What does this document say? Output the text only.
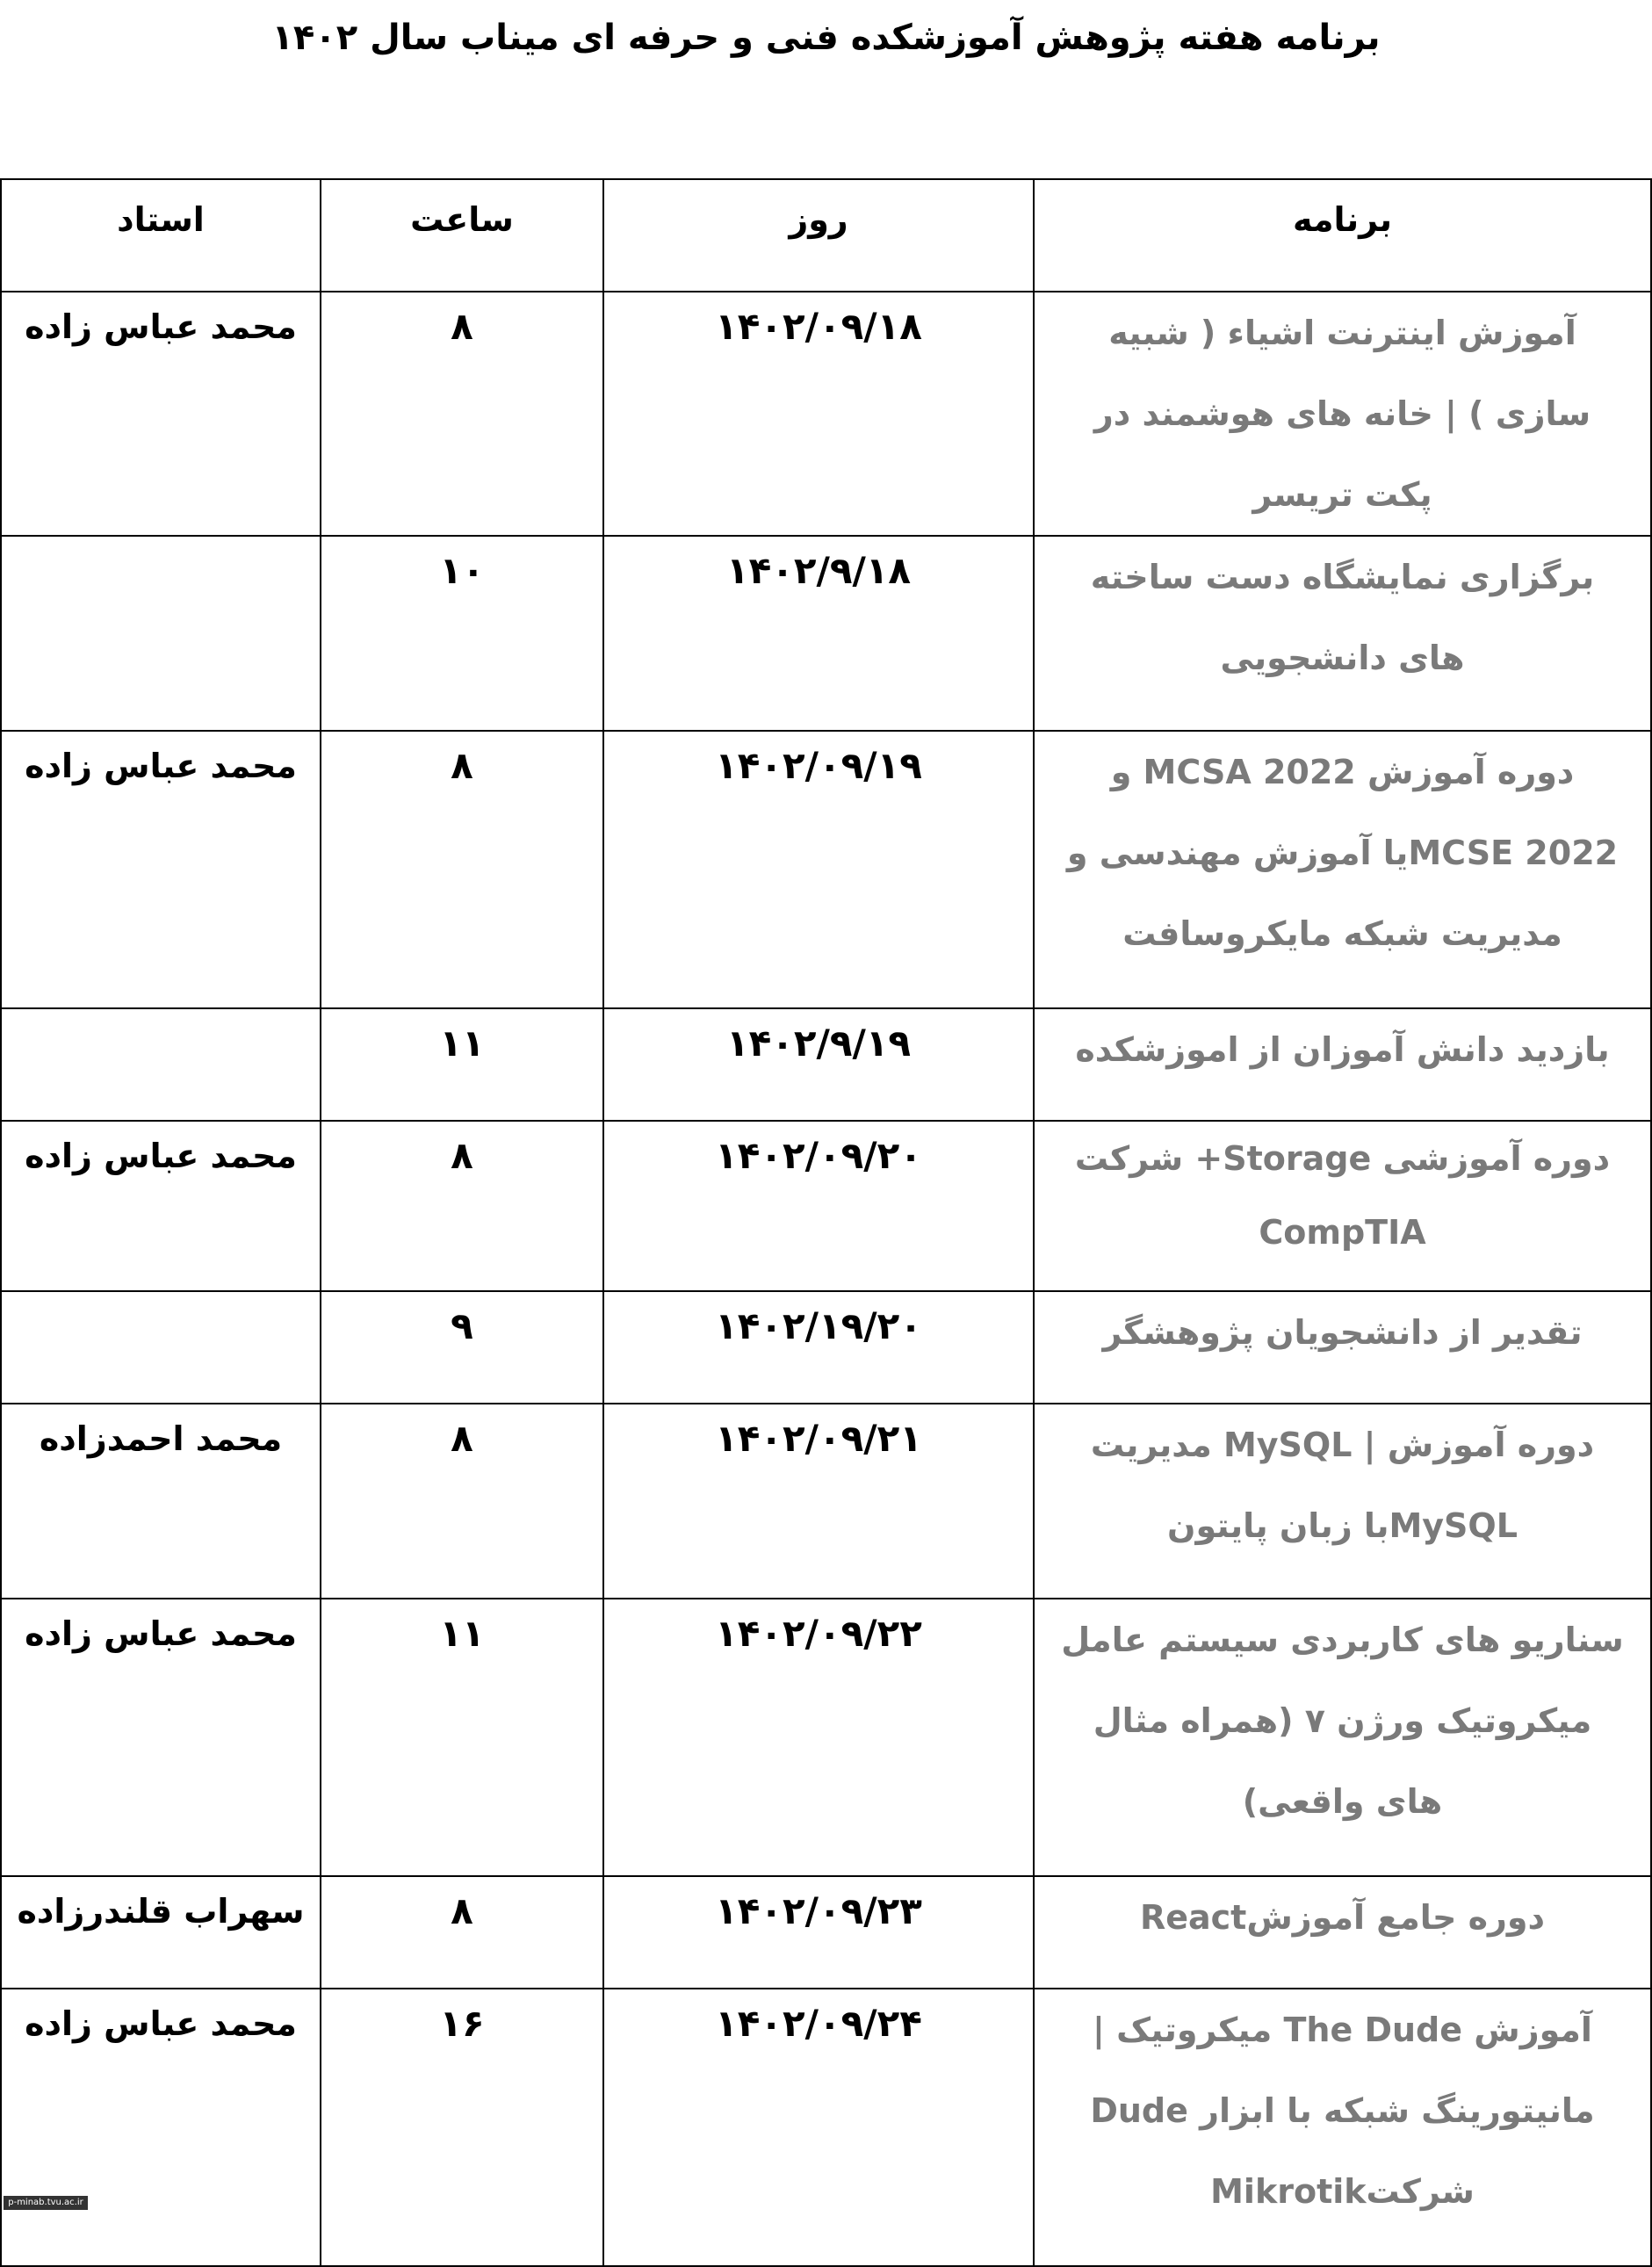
برنامه هفته پژوهش آموزشکده فنی و حرفه ای میناب سال ۱۴۰۲
برنامه	روز	ساعت	استاد
آموزش اینترنت اشیاء ( شبیه سازی ) | خانه های هوشمند در پکت تریسر	۱۴۰۲/۰۹/۱۸	۸	محمد عباس زاده
برگزاری نمایشگاه دست ساخته های دانشجویی	۱۴۰۲/۹/۱۸	۱۰	
دوره آموزش MCSA 2022 و MCSE 2022یا آموزش مهندسی و مدیریت شبکه مایکروسافت	۱۴۰۲/۰۹/۱۹	۸	محمد عباس زاده
بازدید دانش آموزان از اموزشکده	۱۴۰۲/۹/۱۹	۱۱	
دوره آموزشی Storage+ شرکت CompTIA	۱۴۰۲/۰۹/۲۰	۸	محمد عباس زاده
تقدیر از دانشجویان پژوهشگر	۱۴۰۲/۱۹/۲۰	۹	
دوره آموزش | MySQL مدیریت MySQLبا زبان پایتون	۱۴۰۲/۰۹/۲۱	۸	محمد احمدزاده
سناریو های کاربردی سیستم عامل میکروتیک ورژن ۷ (همراه مثال های واقعی)	۱۴۰۲/۰۹/۲۲	۱۱	محمد عباس زاده
دوره جامع آموزشReact	۱۴۰۲/۰۹/۲۳	۸	سهراب قلندرزاده
آموزش The Dude میکروتیک | مانیتورینگ شبکه با ابزار Dude شرکتMikrotik	۱۴۰۲/۰۹/۲۴	۱۶	محمد عباس زاده
p-minab.tvu.ac.ir
